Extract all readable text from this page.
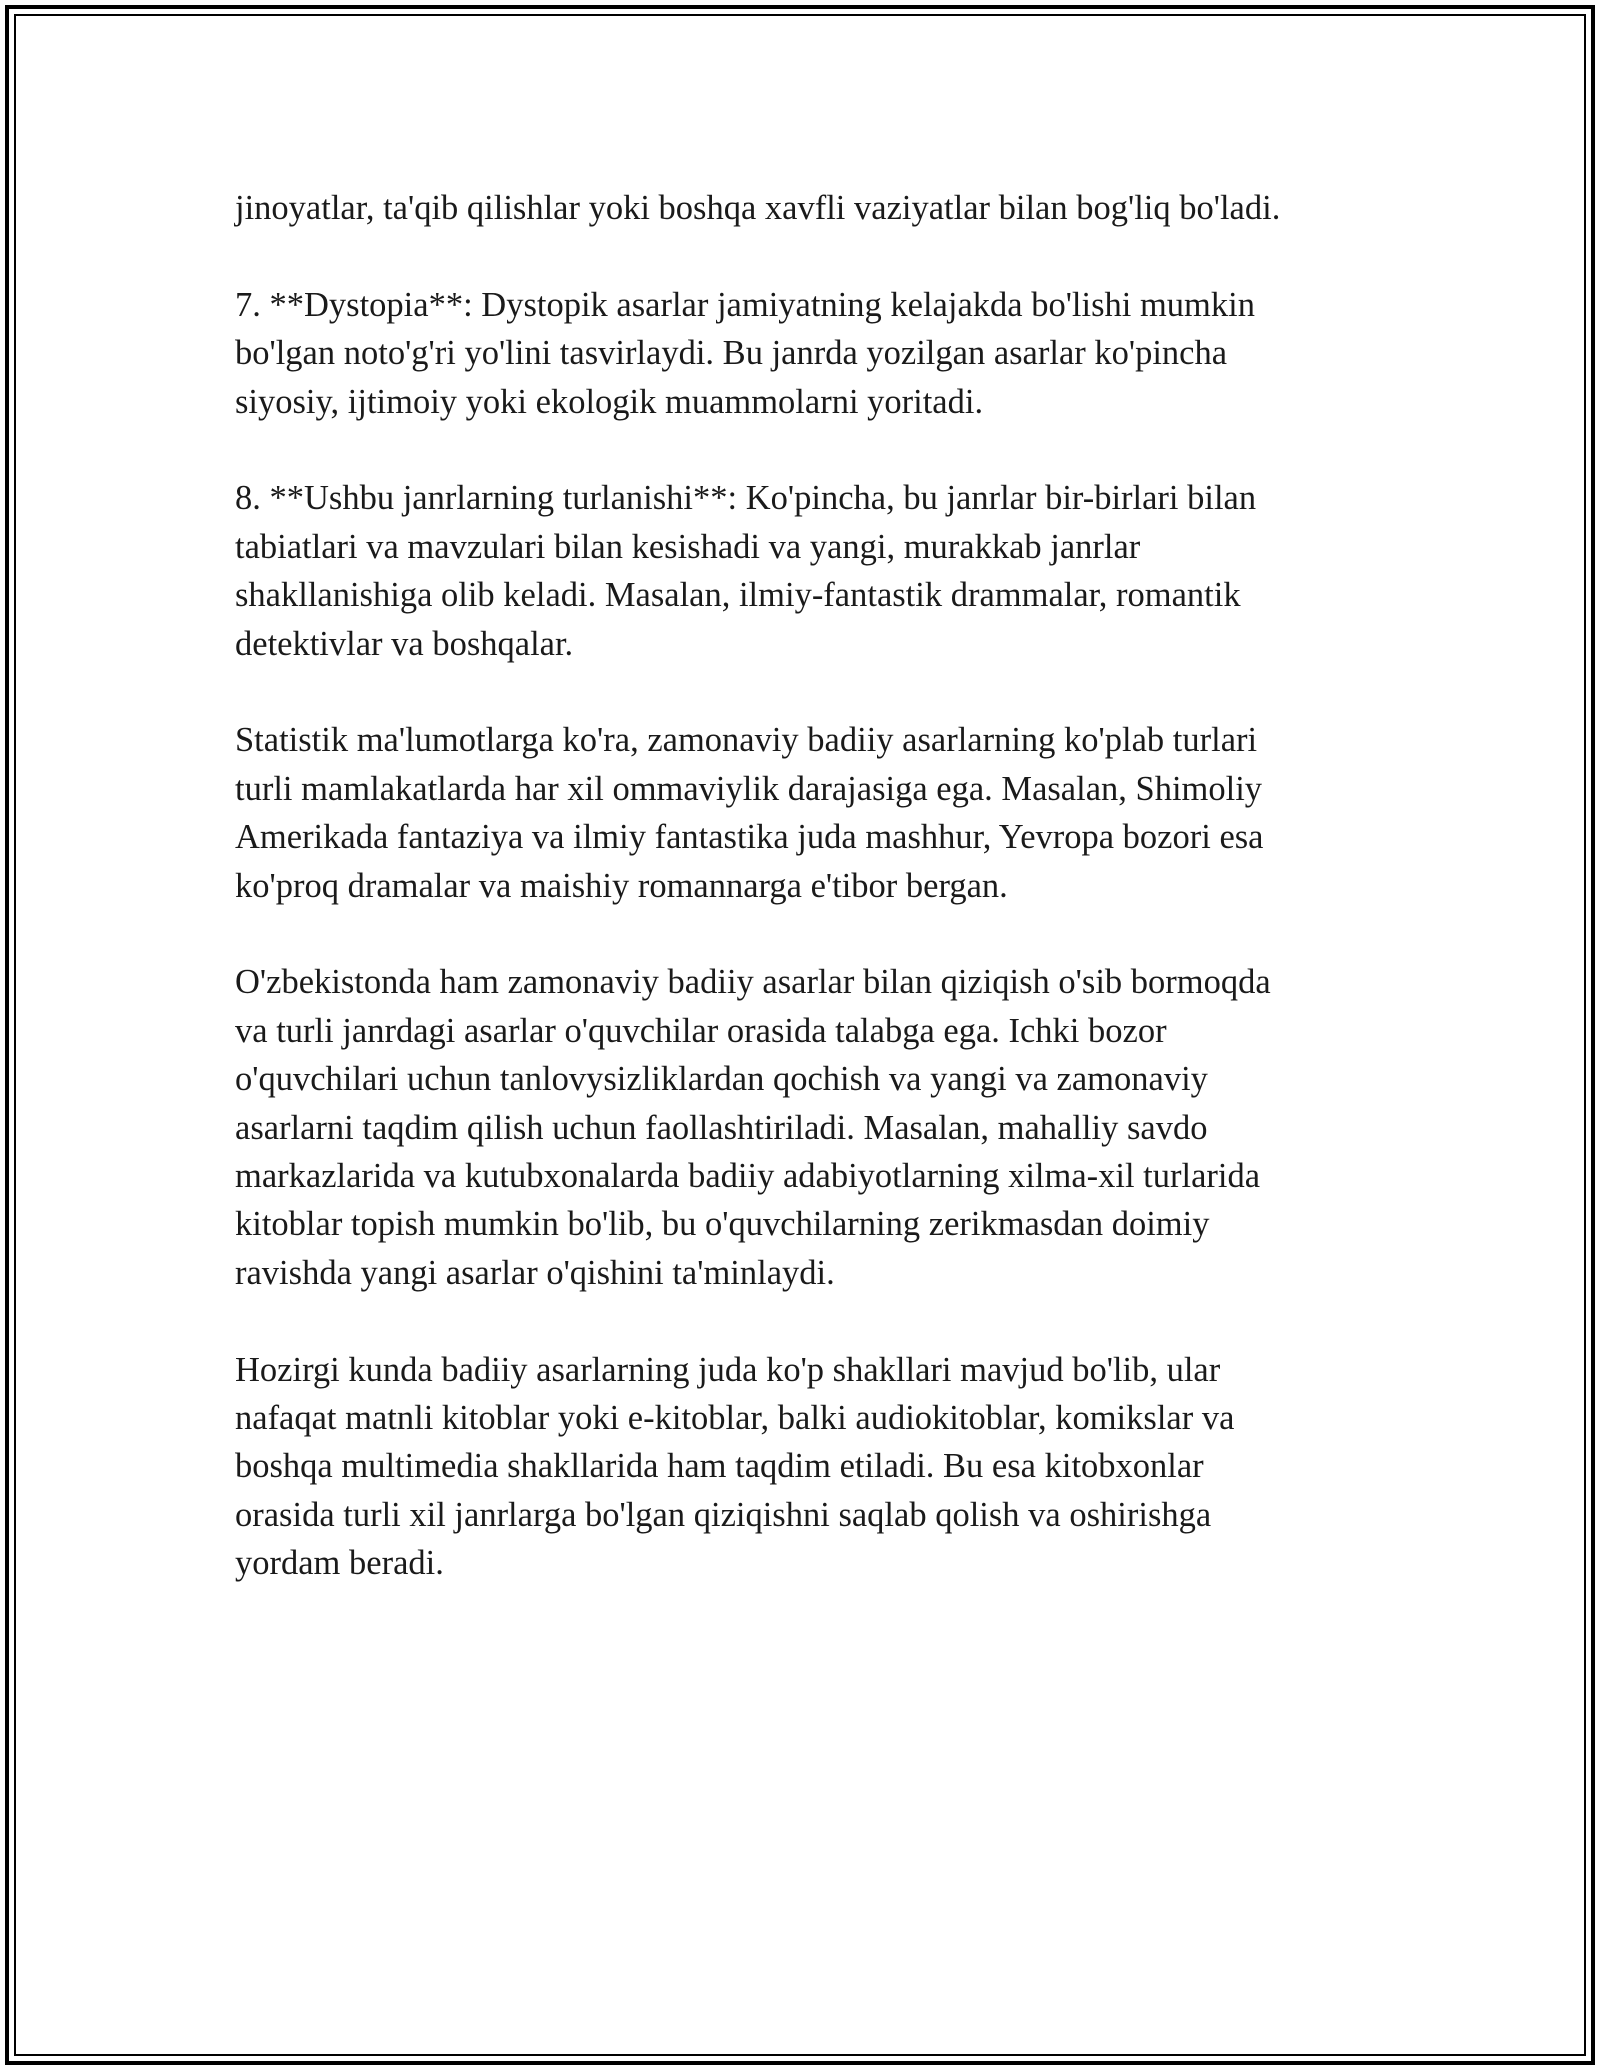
jinoyatlar, ta'qib qilishlar yoki boshqa xavfli vaziyatlar bilan bog'liq bo'ladi.

7. **Dystopia**: Dystopik asarlar jamiyatning kelajakda bo'lishi mumkin
bo'lgan noto'g'ri yo'lini tasvirlaydi. Bu janrda yozilgan asarlar ko'pincha
siyosiy, ijtimoiy yoki ekologik muammolarni yoritadi.

8. **Ushbu janrlarning turlanishi**: Ko'pincha, bu janrlar bir-birlari bilan
tabiatlari va mavzulari bilan kesishadi va yangi, murakkab janrlar
shakllanishiga olib keladi. Masalan, ilmiy-fantastik drammalar, romantik
detektivlar va boshqalar.

Statistik ma'lumotlarga ko'ra, zamonaviy badiiy asarlarning ko'plab turlari
turli mamlakatlarda har xil ommaviylik darajasiga ega. Masalan, Shimoliy
Amerikada fantaziya va ilmiy fantastika juda mashhur, Yevropa bozori esa
ko'proq dramalar va maishiy romannarga e'tibor bergan.

O'zbekistonda ham zamonaviy badiiy asarlar bilan qiziqish o'sib bormoqda
va turli janrdagi asarlar o'quvchilar orasida talabga ega. Ichki bozor
o'quvchilari uchun tanlovysizliklardan qochish va yangi va zamonaviy
asarlarni taqdim qilish uchun faollashtiriladi. Masalan, mahalliy savdo
markazlarida va kutubxonalarda badiiy adabiyotlarning xilma-xil turlarida
kitoblar topish mumkin bo'lib, bu o'quvchilarning zerikmasdan doimiy
ravishda yangi asarlar o'qishini ta'minlaydi.

Hozirgi kunda badiiy asarlarning juda ko'p shakllari mavjud bo'lib, ular
nafaqat matnli kitoblar yoki e-kitoblar, balki audiokitoblar, komikslar va
boshqa multimedia shakllarida ham taqdim etiladi. Bu esa kitobxonlar
orasida turli xil janrlarga bo'lgan qiziqishni saqlab qolish va oshirishga
yordam beradi.
